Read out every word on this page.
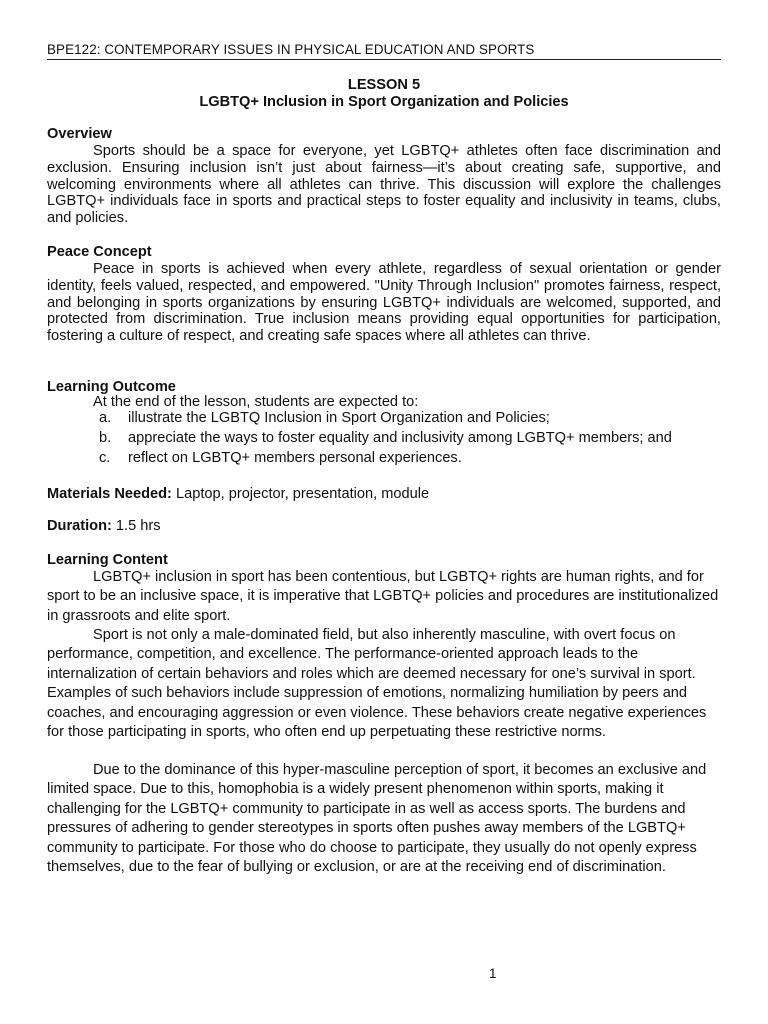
BPE122: CONTEMPORARY ISSUES IN PHYSICAL EDUCATION AND SPORTS
LESSON 5
LGBTQ+ Inclusion in Sport Organization and Policies
Overview

Sports should be a space for everyone, yet LGBTQ+ athletes often face discrimination and exclusion. Ensuring inclusion isn’t just about fairness—it’s about creating safe, supportive, and welcoming environments where all athletes can thrive. This discussion will explore the challenges LGBTQ+ individuals face in sports and practical steps to foster equality and inclusivity in teams, clubs, and policies.

Peace Concept

Peace in sports is achieved when every athlete, regardless of sexual orientation or gender identity, feels valued, respected, and empowered. "Unity Through Inclusion" promotes fairness, respect, and belonging in sports organizations by ensuring LGBTQ+ individuals are welcomed, supported, and protected from discrimination. True inclusion means providing equal opportunities for participation, fostering a culture of respect, and creating safe spaces where all athletes can thrive.

Learning Outcome
At the end of the lesson, students are expected to:
a. illustrate the LGBTQ Inclusion in Sport Organization and Policies;
b. appreciate the ways to foster equality and inclusivity among LGBTQ+ members; and
c. reflect on LGBTQ+ members personal experiences.
Materials Needed: Laptop, projector, presentation, module
Duration: 1.5 hrs
Learning Content

LGBTQ+ inclusion in sport has been contentious, but LGBTQ+ rights are human rights, and for sport to be an inclusive space, it is imperative that LGBTQ+ policies and procedures are institutionalized in grassroots and elite sport.

Sport is not only a male-dominated field, but also inherently masculine, with overt focus on performance, competition, and excellence. The performance-oriented approach leads to the internalization of certain behaviors and roles which are deemed necessary for one’s survival in sport. Examples of such behaviors include suppression of emotions, normalizing humiliation by peers and coaches, and encouraging aggression or even violence. These behaviors create negative experiences for those participating in sports, who often end up perpetuating these restrictive norms.

Due to the dominance of this hyper-masculine perception of sport, it becomes an exclusive and limited space. Due to this, homophobia is a widely present phenomenon within sports, making it challenging for the LGBTQ+ community to participate in as well as access sports. The burdens and pressures of adhering to gender stereotypes in sports often pushes away members of the LGBTQ+ community to participate. For those who do choose to participate, they usually do not openly express themselves, due to the fear of bullying or exclusion, or are at the receiving end of discrimination.

1
